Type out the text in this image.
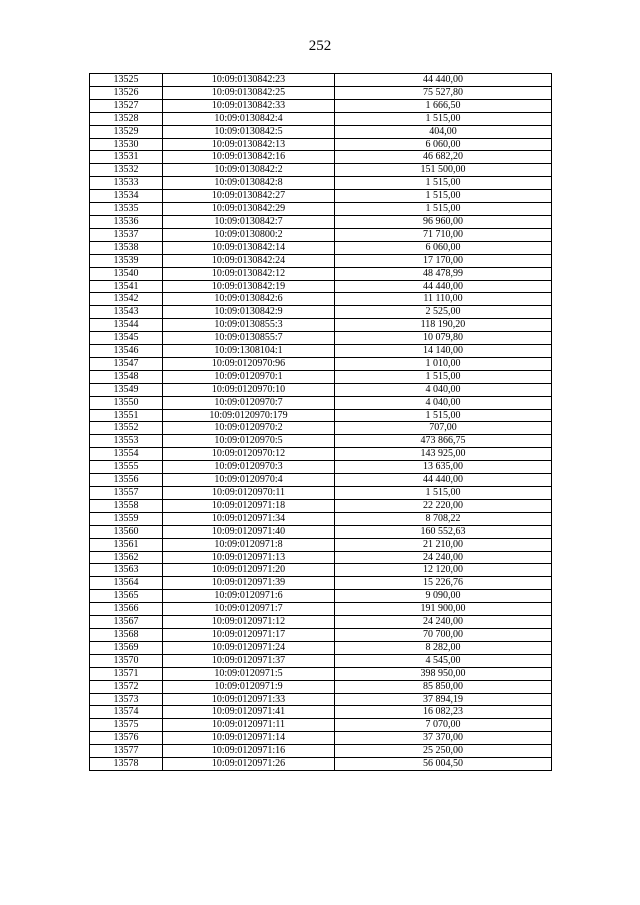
252
13525	10:09:0130842:23	44 440,00
13526	10:09:0130842:25	75 527,80
13527	10:09:0130842:33	1 666,50
13528	10:09:0130842:4	1 515,00
13529	10:09:0130842:5	404,00
13530	10:09:0130842:13	6 060,00
13531	10:09:0130842:16	46 682,20
13532	10:09:0130842:2	151 500,00
13533	10:09:0130842:8	1 515,00
13534	10:09:0130842:27	1 515,00
13535	10:09:0130842:29	1 515,00
13536	10:09:0130842:7	96 960,00
13537	10:09:0130800:2	71 710,00
13538	10:09:0130842:14	6 060,00
13539	10:09:0130842:24	17 170,00
13540	10:09:0130842:12	48 478,99
13541	10:09:0130842:19	44 440,00
13542	10:09:0130842:6	11 110,00
13543	10:09:0130842:9	2 525,00
13544	10:09:0130855:3	118 190,20
13545	10:09:0130855:7	10 079,80
13546	10:09:1308104:1	14 140,00
13547	10:09:0120970:96	1 010,00
13548	10:09:0120970:1	1 515,00
13549	10:09:0120970:10	4 040,00
13550	10:09:0120970:7	4 040,00
13551	10:09:0120970:179	1 515,00
13552	10:09:0120970:2	707,00
13553	10:09:0120970:5	473 866,75
13554	10:09:0120970:12	143 925,00
13555	10:09:0120970:3	13 635,00
13556	10:09:0120970:4	44 440,00
13557	10:09:0120970:11	1 515,00
13558	10:09:0120971:18	22 220,00
13559	10:09:0120971:34	8 708,22
13560	10:09:0120971:40	160 552,63
13561	10:09:0120971:8	21 210,00
13562	10:09:0120971:13	24 240,00
13563	10:09:0120971:20	12 120,00
13564	10:09:0120971:39	15 226,76
13565	10:09:0120971:6	9 090,00
13566	10:09:0120971:7	191 900,00
13567	10:09:0120971:12	24 240,00
13568	10:09:0120971:17	70 700,00
13569	10:09:0120971:24	8 282,00
13570	10:09:0120971:37	4 545,00
13571	10:09:0120971:5	398 950,00
13572	10:09:0120971:9	85 850,00
13573	10:09:0120971:33	37 894,19
13574	10:09:0120971:41	16 082,23
13575	10:09:0120971:11	7 070,00
13576	10:09:0120971:14	37 370,00
13577	10:09:0120971:16	25 250,00
13578	10:09:0120971:26	56 004,50
